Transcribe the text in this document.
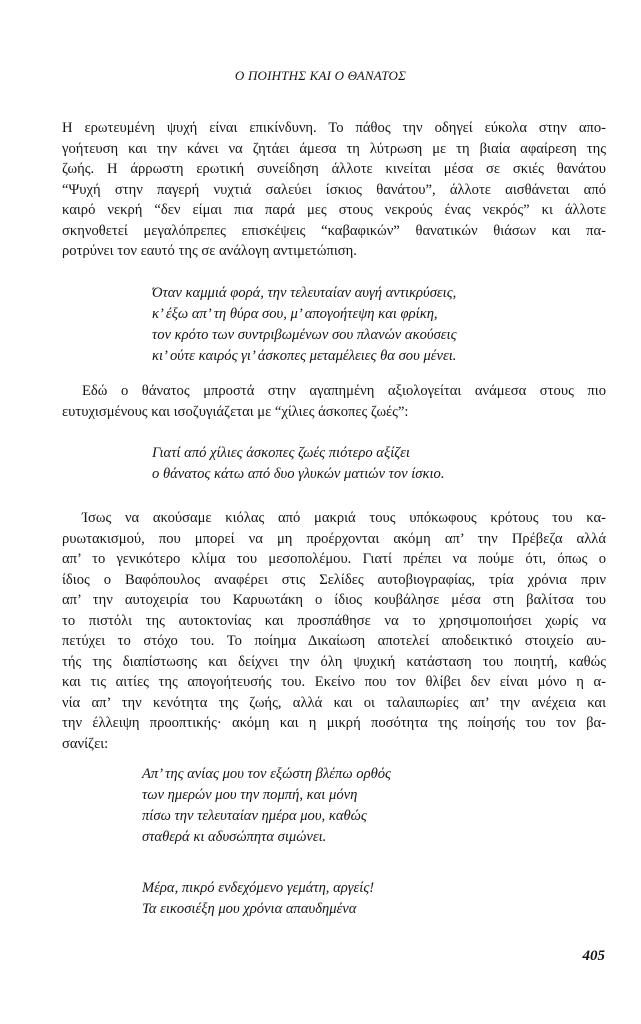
Ο ΠΟΙΗΤΗΣ ΚΑΙ Ο ΘΑΝΑΤΟΣ
Η ερωτευμένη ψυχή είναι επικίνδυνη. Το πάθος την οδηγεί εύκολα στην απο-
γοήτευση και την κάνει να ζητάει άμεσα τη λύτρωση με τη βιαία αφαίρεση της
ζωής. Η άρρωστη ερωτική συνείδηση άλλοτε κινείται μέσα σε σκιές θανάτου
“Ψυχή στην παγερή νυχτιά σαλεύει ίσκιος θανάτου”, άλλοτε αισθάνεται από
καιρό νεκρή “δεν είμαι πια παρά μες στους νεκρούς ένας νεκρός” κι άλλοτε
σκηνοθετεί μεγαλόπρεπες επισκέψεις “καβαφικών” θανατικών θιάσων και πα-
ροτρύνει τον εαυτό της σε ανάλογη αντιμετώπιση.
Όταν καμμιά φορά, την τελευταίαν αυγή αντικρύσεις,
κ’ έξω απ’ τη θύρα σου, μ’ απογοήτεψη και φρίκη,
τον κρότο των συντριβωμένων σου πλανών ακούσεις
κι’ ούτε καιρός γι’ άσκοπες μεταμέλειες θα σου μένει.
Εδώ ο θάνατος μπροστά στην αγαπημένη αξιολογείται ανάμεσα στους πιο
ευτυχισμένους και ισοζυγιάζεται με “χίλιες άσκοπες ζωές”:
Γιατί από χίλιες άσκοπες ζωές πιότερο αξίζει
ο θάνατος κάτω από δυο γλυκών ματιών τον ίσκιο.
Ίσως να ακούσαμε κιόλας από μακριά τους υπόκωφους κρότους του κα-
ρυωτακισμού, που μπορεί να μη προέρχονται ακόμη απ’ την Πρέβεζα αλλά
απ’ το γενικότερο κλίμα του μεσοπολέμου. Γιατί πρέπει να πούμε ότι, όπως ο
ίδιος ο Βαφόπουλος αναφέρει στις Σελίδες αυτοβιογραφίας, τρία χρόνια πριν
απ’ την αυτοχειρία του Καρυωτάκη ο ίδιος κουβάλησε μέσα στη βαλίτσα του
το πιστόλι της αυτοκτονίας και προσπάθησε να το χρησιμοποιήσει χωρίς να
πετύχει το στόχο του. Το ποίημα Δικαίωση αποτελεί αποδεικτικό στοιχείο αυ-
τής της διαπίστωσης και δείχνει την όλη ψυχική κατάσταση του ποιητή, καθώς
και τις αιτίες της απογοήτευσής του. Εκείνο που τον θλίβει δεν είναι μόνο η α-
νία απ’ την κενότητα της ζωής, αλλά και οι ταλαιπωρίες απ’ την ανέχεια και
την έλλειψη προοπτικής· ακόμη και η μικρή ποσότητα της ποίησής του τον βα-
σανίζει:
Απ’ της ανίας μου τον εξώστη βλέπω ορθός
των ημερών μου την πομπή, και μόνη
πίσω την τελευταίαν ημέρα μου, καθώς
σταθερά κι αδυσώπητα σιμώνει.
Μέρα, πικρό ενδεχόμενο γεμάτη, αργείς!
Τα εικοσιέξη μου χρόνια απαυδημένα
405
